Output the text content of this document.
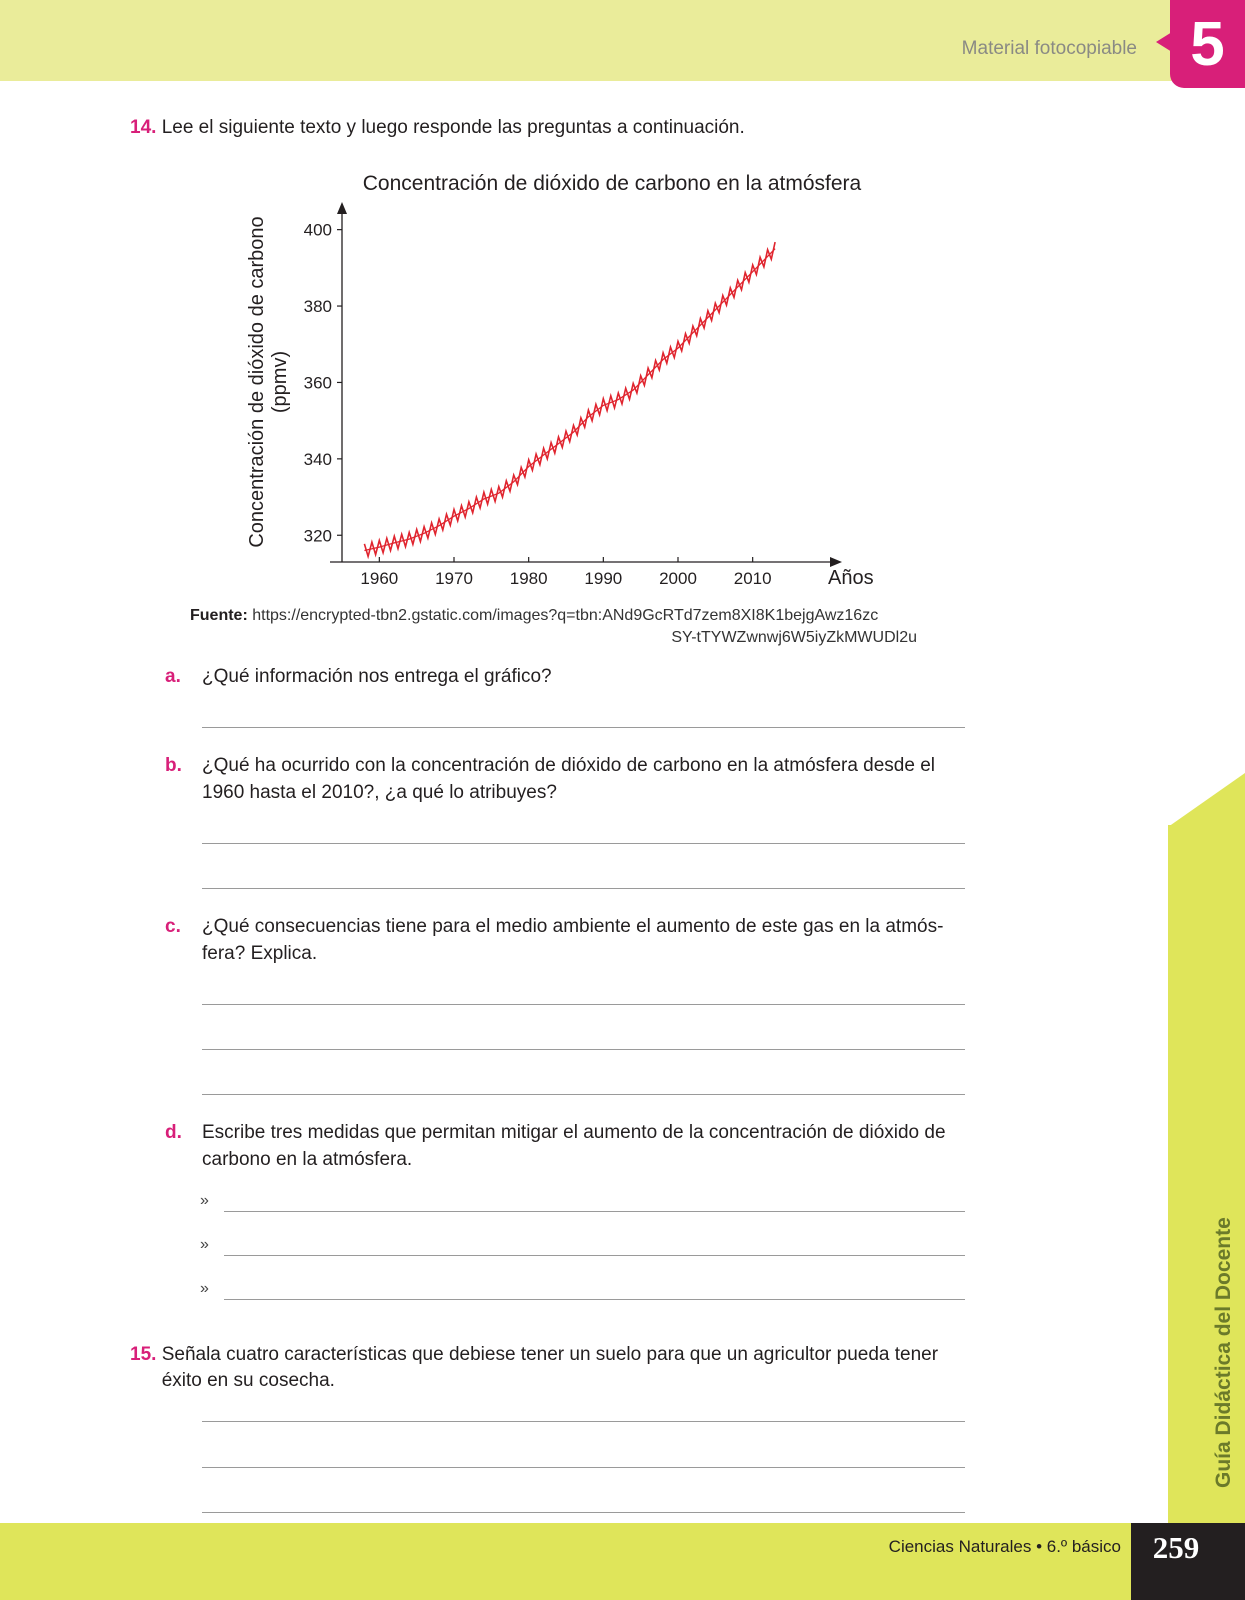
Material fotocopiable 5
Guía Didáctica del Docente
14. Lee el siguiente texto y luego responde las preguntas a continuación.
Concentración de dióxido de carbono en la atmósfera
Concentración de dióxido de carbono (ppmv)
Años
1960 1970 1980 1990 2000 2010
320
340
360
380
400
Fuente: https://encrypted-tbn2.gstatic.com/images?q=tbn:ANd9GcRTd7zem8XI8K1bejgAwz16zc
SY-tTYWZwnwj6W5iyZkMWUDl2u
a. ¿Qué información nos entrega el gráfico?
b. ¿Qué ha ocurrido con la concentración de dióxido de carbono en la atmósfera desde el 1960 hasta el 2010?, ¿a qué lo atribuyes?
c. ¿Qué consecuencias tiene para el medio ambiente el aumento de este gas en la atmós-fera? Explica.
d. Escribe tres medidas que permitan mitigar el aumento de la concentración de dióxido de carbono en la atmósfera.
»
»
»
15. Señala cuatro características que debiese tener un suelo para que un agricultor pueda tener éxito en su cosecha.
Ciencias Naturales • 6.º básico	259
